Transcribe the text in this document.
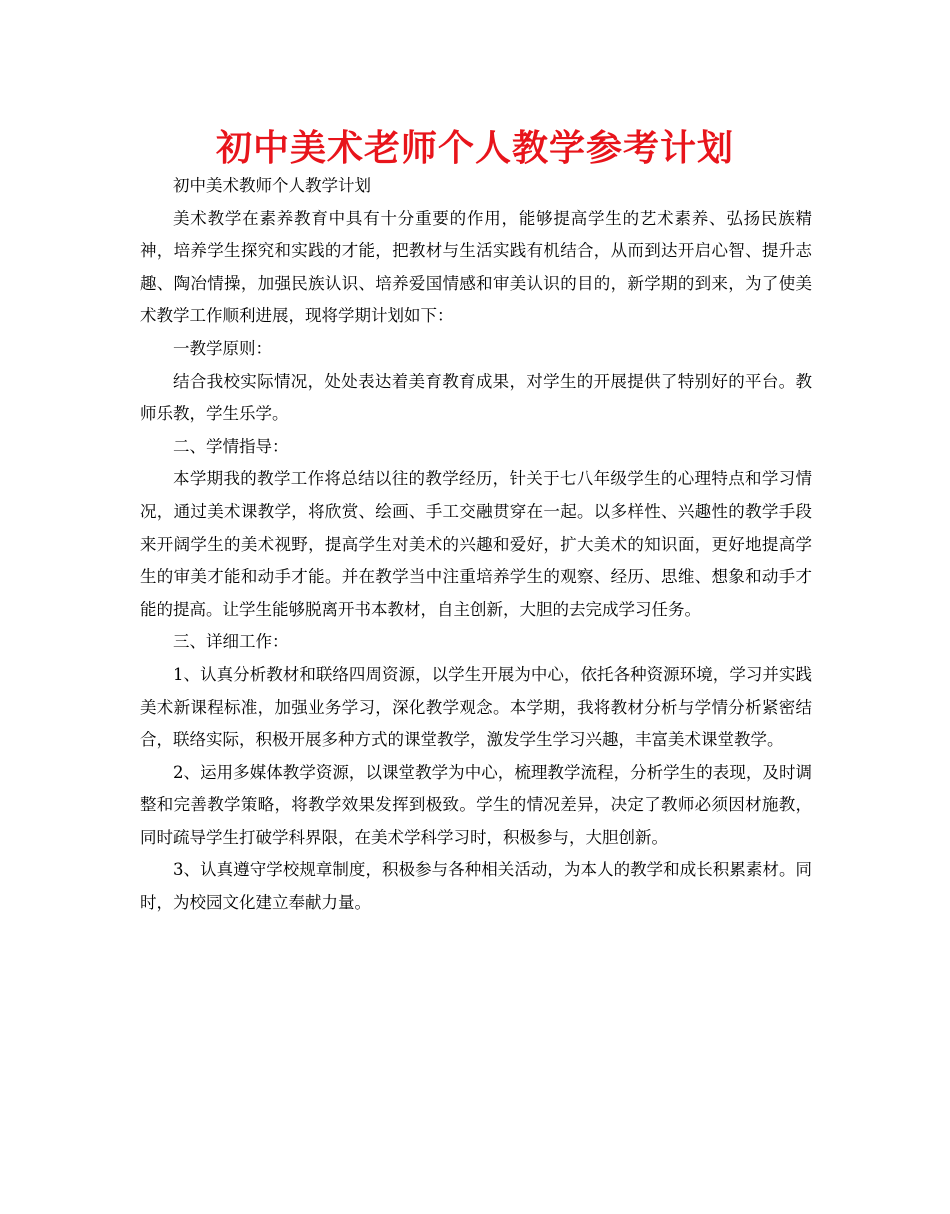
初中美术老师个人教学参考计划

初中美术教师个人教学计划

美术教学在素养教育中具有十分重要的作用，能够提高学生的艺术素养、弘扬民族精神，培养学生探究和实践的才能，把教材与生活实践有机结合，从而到达开启心智、提升志趣、陶冶情操，加强民族认识、培养爱国情感和审美认识的目的，新学期的到来，为了使美术教学工作顺利进展，现将学期计划如下：

一教学原则：

结合我校实际情况，处处表达着美育教育成果，对学生的开展提供了特别好的平台。教师乐教，学生乐学。

二、学情指导：

本学期我的教学工作将总结以往的教学经历，针关于七八年级学生的心理特点和学习情况，通过美术课教学，将欣赏、绘画、手工交融贯穿在一起。以多样性、兴趣性的教学手段来开阔学生的美术视野，提高学生对美术的兴趣和爱好，扩大美术的知识面，更好地提高学生的审美才能和动手才能。并在教学当中注重培养学生的观察、经历、思维、想象和动手才能的提高。让学生能够脱离开书本教材，自主创新，大胆的去完成学习任务。

三、详细工作：

1、认真分析教材和联络四周资源，以学生开展为中心，依托各种资源环境，学习并实践美术新课程标准，加强业务学习，深化教学观念。本学期，我将教材分析与学情分析紧密结合，联络实际，积极开展多种方式的课堂教学，激发学生学习兴趣，丰富美术课堂教学。

2、运用多媒体教学资源，以课堂教学为中心，梳理教学流程，分析学生的表现，及时调整和完善教学策略，将教学效果发挥到极致。学生的情况差异，决定了教师必须因材施教，同时疏导学生打破学科界限，在美术学科学习时，积极参与，大胆创新。

3、认真遵守学校规章制度，积极参与各种相关活动，为本人的教学和成长积累素材。同时，为校园文化建立奉献力量。
